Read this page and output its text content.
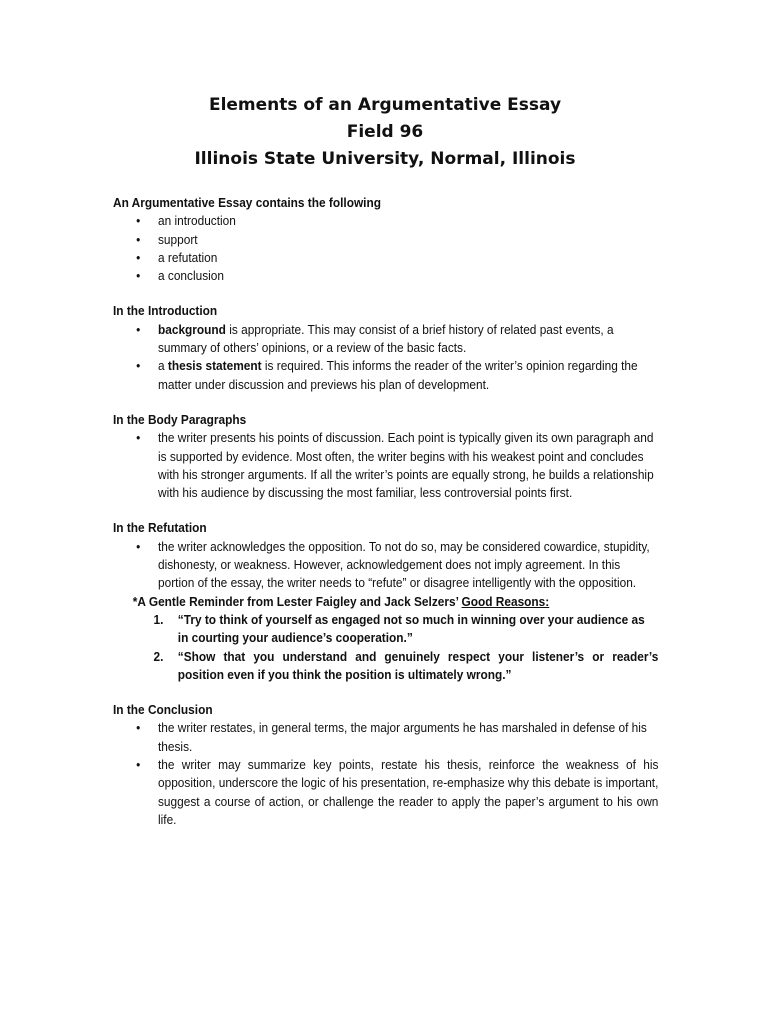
Elements of an Argumentative Essay
Field 96
Illinois State University, Normal, Illinois
An Argumentative Essay contains the following
• an introduction
• support
• a refutation
• a conclusion
In the Introduction
• background is appropriate. This may consist of a brief history of related past events, a summary of others’ opinions, or a review of the basic facts.
• a thesis statement is required. This informs the reader of the writer’s opinion regarding the matter under discussion and previews his plan of development.
In the Body Paragraphs
• the writer presents his points of discussion. Each point is typically given its own paragraph and is supported by evidence. Most often, the writer begins with his weakest point and concludes with his stronger arguments. If all the writer’s points are equally strong, he builds a relationship with his audience by discussing the most familiar, less controversial points first.
In the Refutation
• the writer acknowledges the opposition. To not do so, may be considered cowardice, stupidity, dishonesty, or weakness. However, acknowledgement does not imply agreement. In this portion of the essay, the writer needs to “refute” or disagree intelligently with the opposition.
*A Gentle Reminder from Lester Faigley and Jack Selzers’ Good Reasons:
1. “Try to think of yourself as engaged not so much in winning over your audience as in courting your audience’s cooperation.”
2. “Show that you understand and genuinely respect your listener’s or reader’s position even if you think the position is ultimately wrong.”
In the Conclusion
• the writer restates, in general terms, the major arguments he has marshaled in defense of his thesis.
• the writer may summarize key points, restate his thesis, reinforce the weakness of his opposition, underscore the logic of his presentation, re-emphasize why this debate is important, suggest a course of action, or challenge the reader to apply the paper’s argument to his own life.
